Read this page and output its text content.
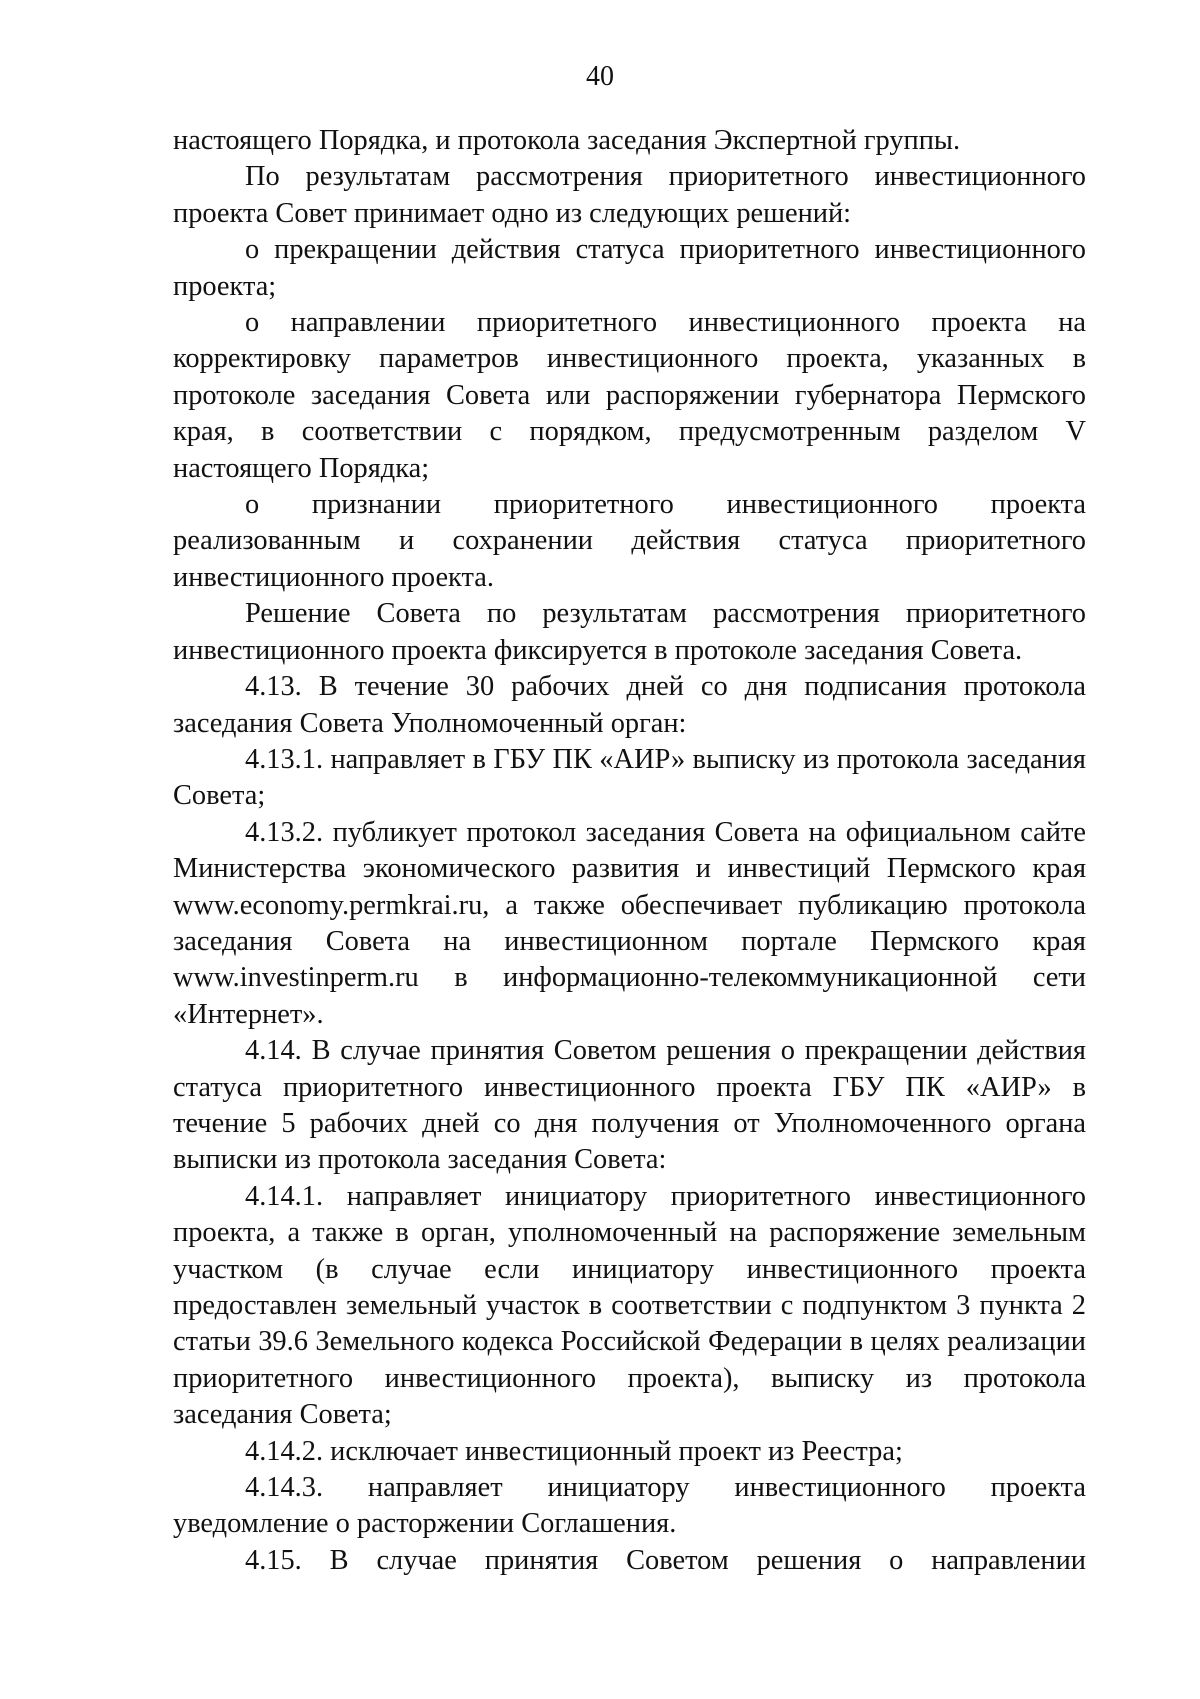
40

настоящего Порядка, и протокола заседания Экспертной группы.

По результатам рассмотрения приоритетного инвестиционного проекта Совет принимает одно из следующих решений:

о прекращении действия статуса приоритетного инвестиционного проекта;

о направлении приоритетного инвестиционного проекта на корректировку параметров инвестиционного проекта, указанных в протоколе заседания Совета или распоряжении губернатора Пермского края, в соответствии с порядком, предусмотренным разделом V настоящего Порядка;

о признании приоритетного инвестиционного проекта реализованным и сохранении действия статуса приоритетного инвестиционного проекта.

Решение Совета по результатам рассмотрения приоритетного инвестиционного проекта фиксируется в протоколе заседания Совета.

4.13. В течение 30 рабочих дней со дня подписания протокола заседания Совета Уполномоченный орган:

4.13.1. направляет в ГБУ ПК «АИР» выписку из протокола заседания Совета;

4.13.2. публикует протокол заседания Совета на официальном сайте Министерства экономического развития и инвестиций Пермского края www.economy.permkrai.ru, а также обеспечивает публикацию протокола заседания Совета на инвестиционном портале Пермского края www.investinperm.ru в информационно-телекоммуникационной сети «Интернет».

4.14. В случае принятия Советом решения о прекращении действия статуса приоритетного инвестиционного проекта ГБУ ПК «АИР» в течение 5 рабочих дней со дня получения от Уполномоченного органа выписки из протокола заседания Совета:

4.14.1. направляет инициатору приоритетного инвестиционного проекта, а также в орган, уполномоченный на распоряжение земельным участком (в случае если инициатору инвестиционного проекта предоставлен земельный участок в соответствии с подпунктом 3 пункта 2 статьи 39.6 Земельного кодекса Российской Федерации в целях реализации приоритетного инвестиционного проекта), выписку из протокола заседания Совета;

4.14.2. исключает инвестиционный проект из Реестра;

4.14.3. направляет инициатору инвестиционного проекта уведомление о расторжении Соглашения.

4.15. В случае принятия Советом решения о направлении
